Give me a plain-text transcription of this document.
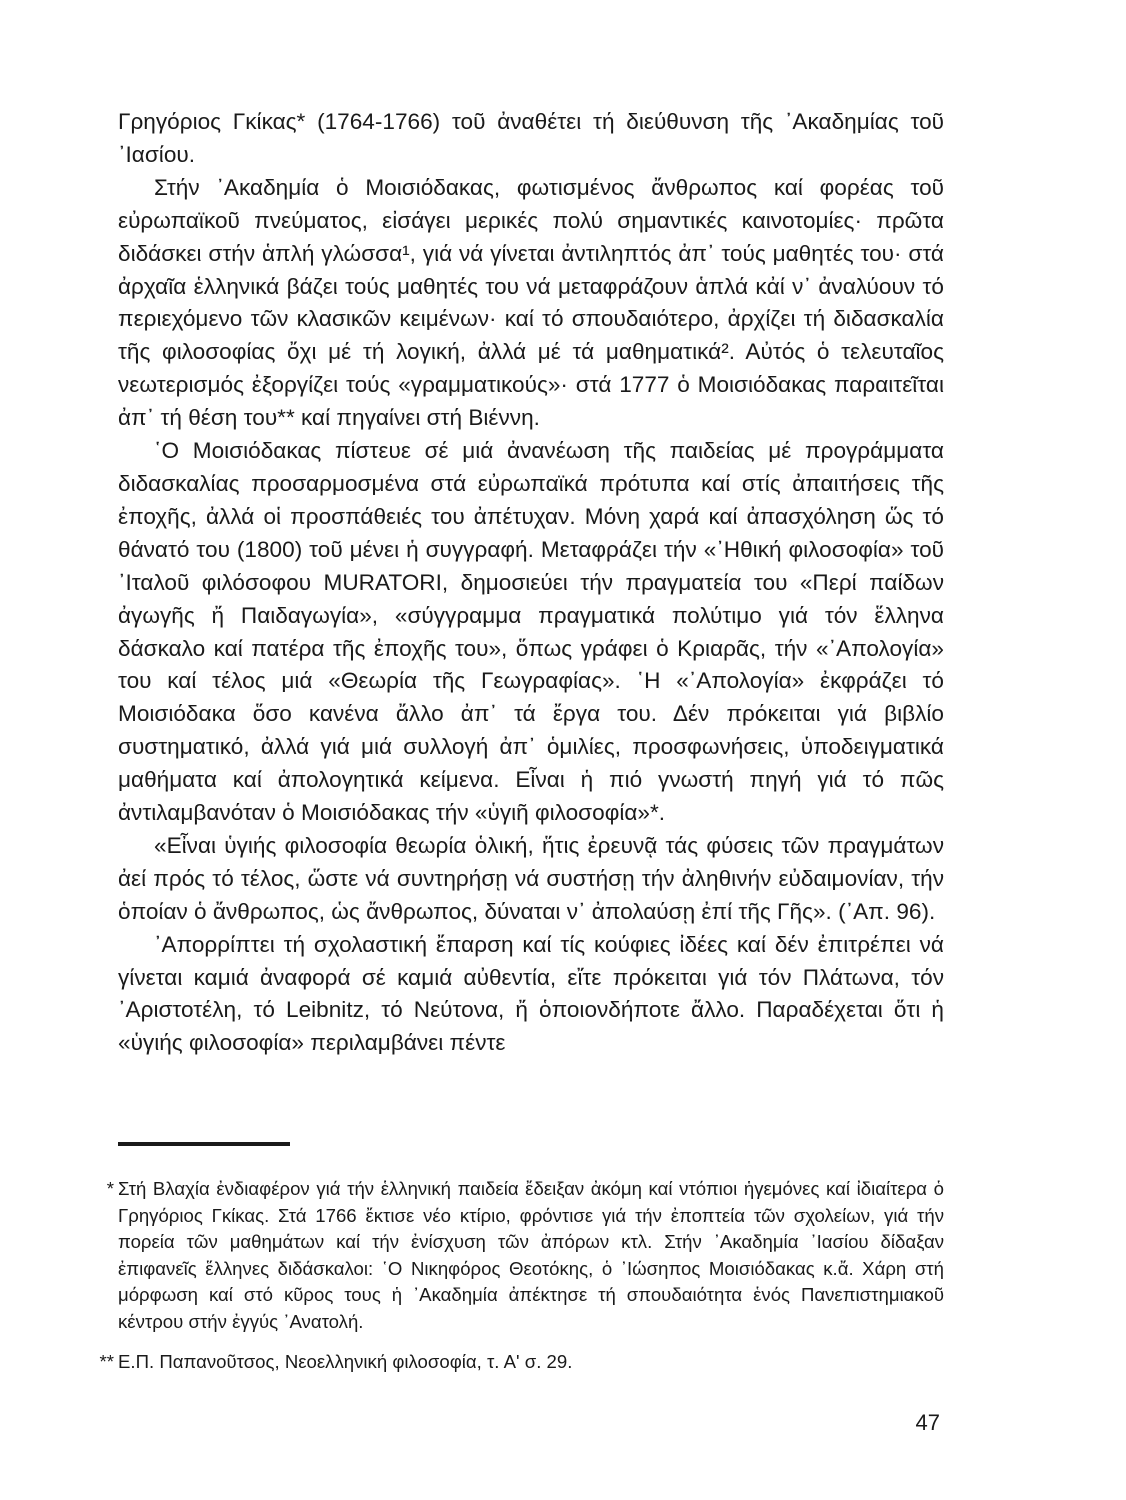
Γρηγόριος Γκίκας* (1764-1766) τοῦ ἀναθέτει τή διεύθυνση τῆς ᾿Ακαδημίας τοῦ ᾿Ιασίου.

Στήν ᾿Ακαδημία ὁ Μοισιόδακας, φωτισμένος ἄνθρωπος καί φορέας τοῦ εὐρωπαϊκοῦ πνεύματος, εἰσάγει μερικές πολύ σημαντικές καινοτομίες· πρῶτα διδάσκει στήν ἁπλή γλώσσα¹, γιά νά γίνεται ἀντιληπτός ἀπ᾿ τούς μαθητές του· στά ἀρχαῖα ἑλληνικά βάζει τούς μαθητές του νά μεταφράζουν ἁπλά κἀί ν᾿ ἀναλύουν τό περιεχόμενο τῶν κλασικῶν κειμένων· καί τό σπουδαιότερο, ἀρχίζει τή διδασκαλία τῆς φιλοσοφίας ὄχι μέ τή λογική, ἀλλά μέ τά μαθηματικά². Αὐτός ὁ τελευταῖος νεωτερισμός ἐξοργίζει τούς «γραμματικούς»· στά 1777 ὁ Μοισιόδακας παραιτεῖται ἀπ᾿ τή θέση του** καί πηγαίνει στή Βιέννη.

῾Ο Μοισιόδακας πίστευε σέ μιά ἀνανέωση τῆς παιδείας μέ προγράμματα διδασκαλίας προσαρμοσμένα στά εὐρωπαϊκά πρότυπα καί στίς ἀπαιτήσεις τῆς ἐποχῆς, ἀλλά οἱ προσπάθειές του ἀπέτυχαν. Μόνη χαρά καί ἀπασχόληση ὥς τό θάνατό του (1800) τοῦ μένει ἡ συγγραφή. Μεταφράζει τήν «᾿Ηθική φιλοσοφία» τοῦ ᾿Ιταλοῦ φιλόσοφου MURATORI, δημοσιεύει τήν πραγματεία του «Περί παίδων ἀγωγῆς ἤ Παιδαγωγία», «σύγγραμμα πραγματικά πολύτιμο γιά τόν ἕλληνα δάσκαλο καί πατέρα τῆς ἐποχῆς του», ὅπως γράφει ὁ Κριαρᾶς, τήν «᾿Απολογία» του καί τέλος μιά «Θεωρία τῆς Γεωγραφίας». ῾Η «᾿Απολογία» ἐκφράζει τό Μοισιόδακα ὅσο κανένα ἄλλο ἀπ᾿ τά ἔργα του. Δέν πρόκειται γιά βιβλίο συστηματικό, ἀλλά γιά μιά συλλογή ἀπ᾿ ὁμιλίες, προσφωνήσεις, ὑποδειγματικά μαθήματα καί ἀπολογητικά κείμενα. Εἶναι ἡ πιό γνωστή πηγή γιά τό πῶς ἀντιλαμβανόταν ὁ Μοισιόδακας τήν «ὑγιῆ φιλοσοφία»*.

«Εἶναι ὑγιής φιλοσοφία θεωρία ὁλική, ἥτις ἐρευνᾷ τάς φύσεις τῶν πραγμάτων ἀεί πρός τό τέλος, ὥστε νά συντηρήσῃ νά συστήσῃ τήν ἀληθινήν εὐδαιμονίαν, τήν ὁποίαν ὁ ἄνθρωπος, ὡς ἄνθρωπος, δύναται ν᾿ ἀπολαύσῃ ἐπί τῆς Γῆς». (᾿Απ. 96).

᾿Απορρίπτει τή σχολαστική ἔπαρση καί τίς κούφιες ἰδέες καί δέν ἐπιτρέπει νά γίνεται καμιά ἀναφορά σέ καμιά αὐθεντία, εἴτε πρόκειται γιά τόν Πλάτωνα, τόν ᾿Αριστοτέλη, τό Leibnitz, τό Νεύτονα, ἤ ὁποιονδήποτε ἄλλο. Παραδέχεται ὅτι ἡ «ὑγιής φιλοσοφία» περιλαμβάνει πέντε

* Στή Βλαχία ἐνδιαφέρον γιά τήν ἑλληνική παιδεία ἔδειξαν ἀκόμη καί ντόπιοι ἡγεμόνες καί ἰδιαίτερα ὁ Γρηγόριος Γκίκας. Στά 1766 ἔκτισε νέο κτίριο, φρόντισε γιά τήν ἐποπτεία τῶν σχολείων, γιά τήν πορεία τῶν μαθημάτων καί τήν ἐνίσχυση τῶν ἀπόρων κτλ. Στήν ᾿Ακαδημία ᾿Ιασίου δίδαξαν ἐπιφανεῖς ἕλληνες διδάσκαλοι: ῾Ο Νικηφόρος Θεοτόκης, ὁ ᾿Ιώσηπος Μοισιόδακας κ.ἄ. Χάρη στή μόρφωση καί στό κῦρος τους ἡ ᾿Ακαδημία ἀπέκτησε τή σπουδαιότητα ἑνός Πανεπιστημιακοῦ κέντρου στήν ἐγγύς ᾿Ανατολή.
** Ε.Π. Παπανοῦτσος, Νεοελληνική φιλοσοφία, τ. Α' σ. 29.
47
